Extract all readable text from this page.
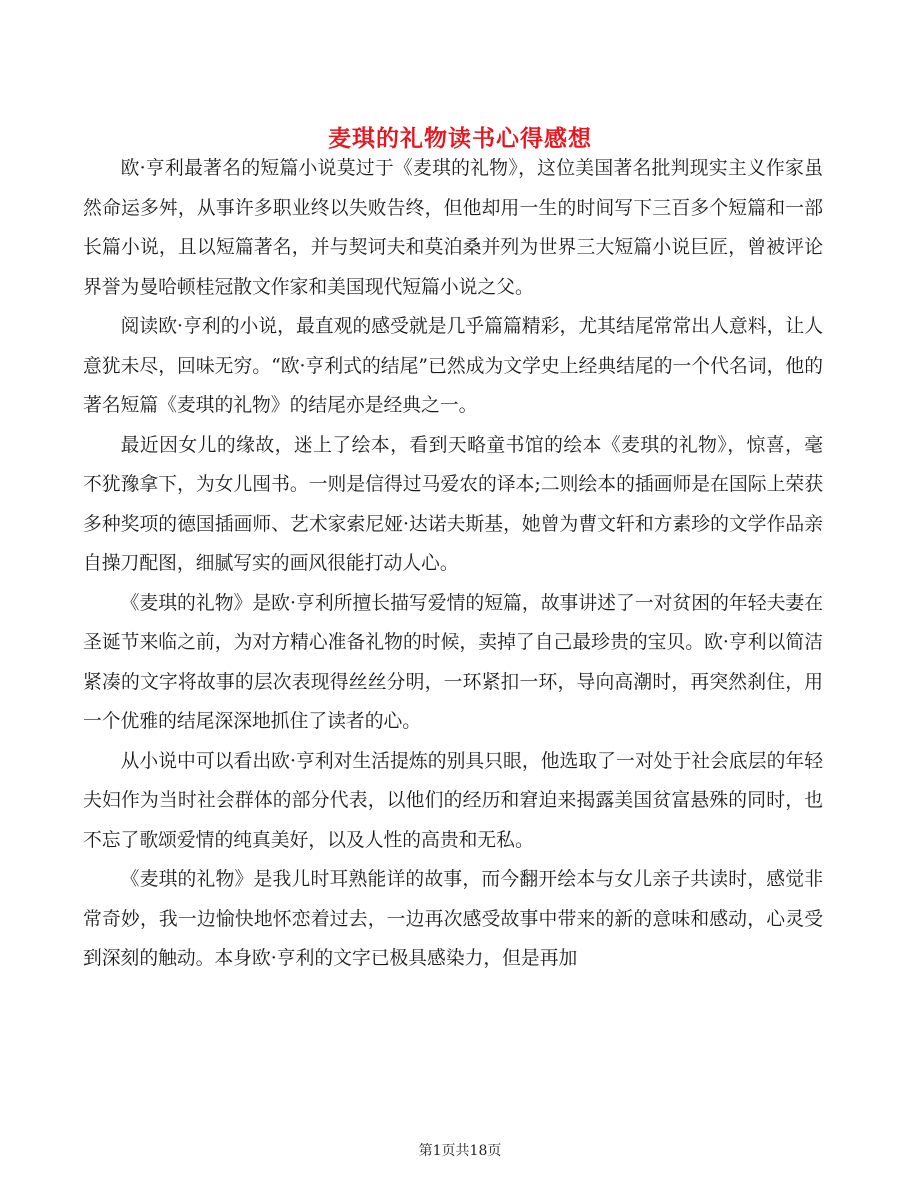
麦琪的礼物读书心得感想

欧·亨利最著名的短篇小说莫过于《麦琪的礼物》，这位美国著名批判现实主义作家虽然命运多舛，从事许多职业终以失败告终，但他却用一生的时间写下三百多个短篇和一部长篇小说，且以短篇著名，并与契诃夫和莫泊桑并列为世界三大短篇小说巨匠，曾被评论界誉为曼哈顿桂冠散文作家和美国现代短篇小说之父。

阅读欧·亨利的小说，最直观的感受就是几乎篇篇精彩，尤其结尾常常出人意料，让人意犹未尽，回味无穷。“欧·亨利式的结尾”已然成为文学史上经典结尾的一个代名词，他的著名短篇《麦琪的礼物》的结尾亦是经典之一。

最近因女儿的缘故，迷上了绘本，看到天略童书馆的绘本《麦琪的礼物》，惊喜，毫不犹豫拿下，为女儿囤书。一则是信得过马爱农的译本;二则绘本的插画师是在国际上荣获多种奖项的德国插画师、艺术家索尼娅·达诺夫斯基，她曾为曹文轩和方素珍的文学作品亲自操刀配图，细腻写实的画风很能打动人心。

《麦琪的礼物》是欧·亨利所擅长描写爱情的短篇，故事讲述了一对贫困的年轻夫妻在圣诞节来临之前，为对方精心准备礼物的时候，卖掉了自己最珍贵的宝贝。欧·亨利以简洁紧凑的文字将故事的层次表现得丝丝分明，一环紧扣一环，导向高潮时，再突然刹住，用一个优雅的结尾深深地抓住了读者的心。

从小说中可以看出欧·亨利对生活提炼的别具只眼，他选取了一对处于社会底层的年轻夫妇作为当时社会群体的部分代表，以他们的经历和窘迫来揭露美国贫富悬殊的同时，也不忘了歌颂爱情的纯真美好，以及人性的高贵和无私。

《麦琪的礼物》是我儿时耳熟能详的故事，而今翻开绘本与女儿亲子共读时，感觉非常奇妙，我一边愉快地怀恋着过去，一边再次感受故事中带来的新的意味和感动，心灵受到深刻的触动。本身欧·亨利的文字已极具感染力，但是再加

第1页共18页
